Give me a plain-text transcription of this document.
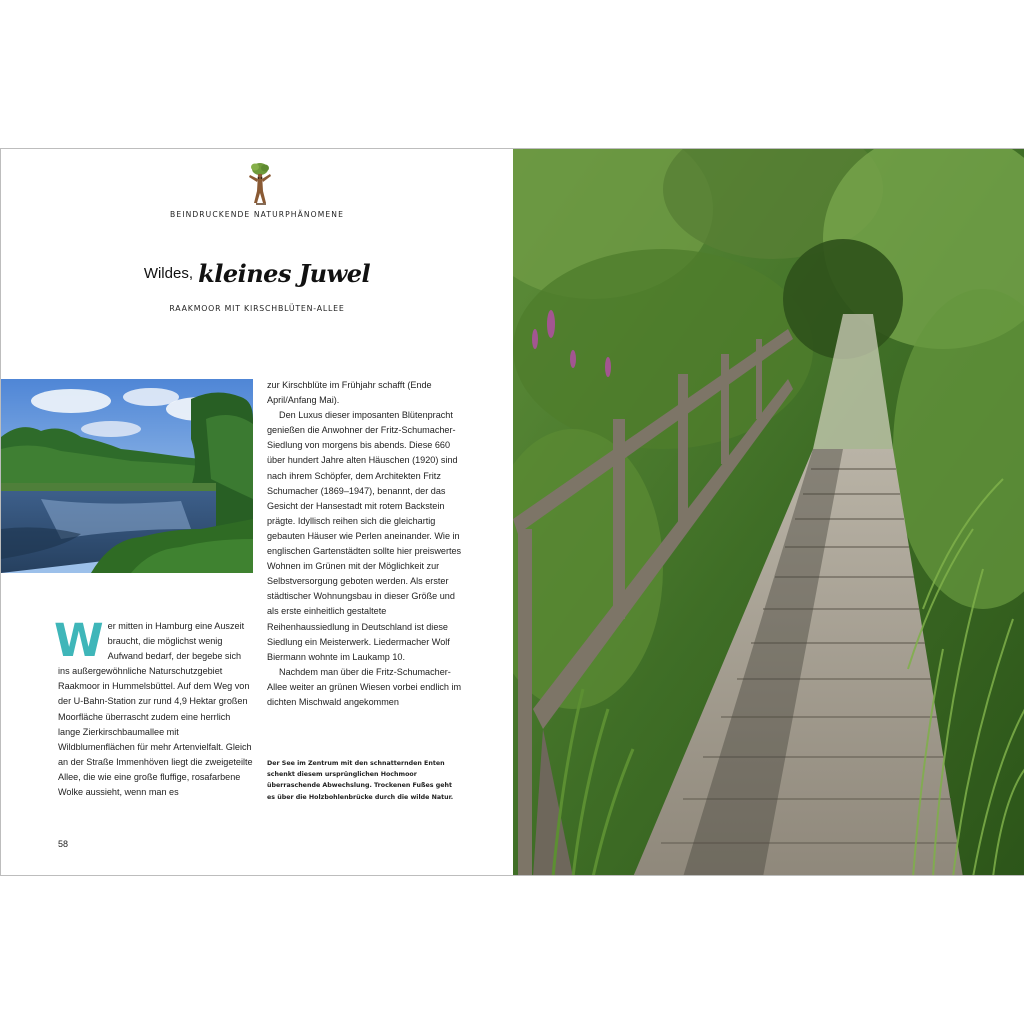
BEINDRUCKENDE NATURPHÄNOMENE
Wildes, kleines Juwel
RAAKMOOR MIT KIRSCHBLÜTEN-ALLEE
W er mitten in Hamburg eine Auszeit braucht, die möglichst wenig Aufwand bedarf, der begebe sich ins außergewöhnliche Naturschutzgebiet Raakmoor in Hummelsbüttel. Auf dem Weg von der U-Bahn-Station zur rund 4,9 Hektar großen Moorfläche überrascht zudem eine herrlich lange Zierkirschbaumallee mit Wildblumenflächen für mehr Artenvielfalt. Gleich an der Straße Immenhöven liegt die zweigeteilte Allee, die wie eine große fluffige, rosafarbene Wolke aussieht, wenn man es

zur Kirschblüte im Frühjahr schafft (Ende April/Anfang Mai).

Den Luxus dieser imposanten Blütenpracht genießen die Anwohner der Fritz-Schumacher-Siedlung von morgens bis abends. Diese 660 über hundert Jahre alten Häuschen (1920) sind nach ihrem Schöpfer, dem Architekten Fritz Schumacher (1869–1947), benannt, der das Gesicht der Hansestadt mit rotem Backstein prägte. Idyllisch reihen sich die gleichartig gebauten Häuser wie Perlen aneinander. Wie in englischen Gartenstädten sollte hier preiswertes Wohnen im Grünen mit der Möglichkeit zur Selbstversorgung geboten werden. Als erster städtischer Wohnungsbau in dieser Größe und als erste einheitlich gestaltete Reihenhaussiedlung in Deutschland ist diese Siedlung ein Meisterwerk. Liedermacher Wolf Biermann wohnte im Laukamp 10.

Nachdem man über die Fritz-Schumacher-Allee weiter an grünen Wiesen vorbei endlich im dichten Mischwald angekommen

Der See im Zentrum mit den schnatternden Enten schenkt diesem ursprünglichen Hochmoor überraschende Abwechslung. Trockenen Fußes geht es über die Holzbohlenbrücke durch die wilde Natur.
58
